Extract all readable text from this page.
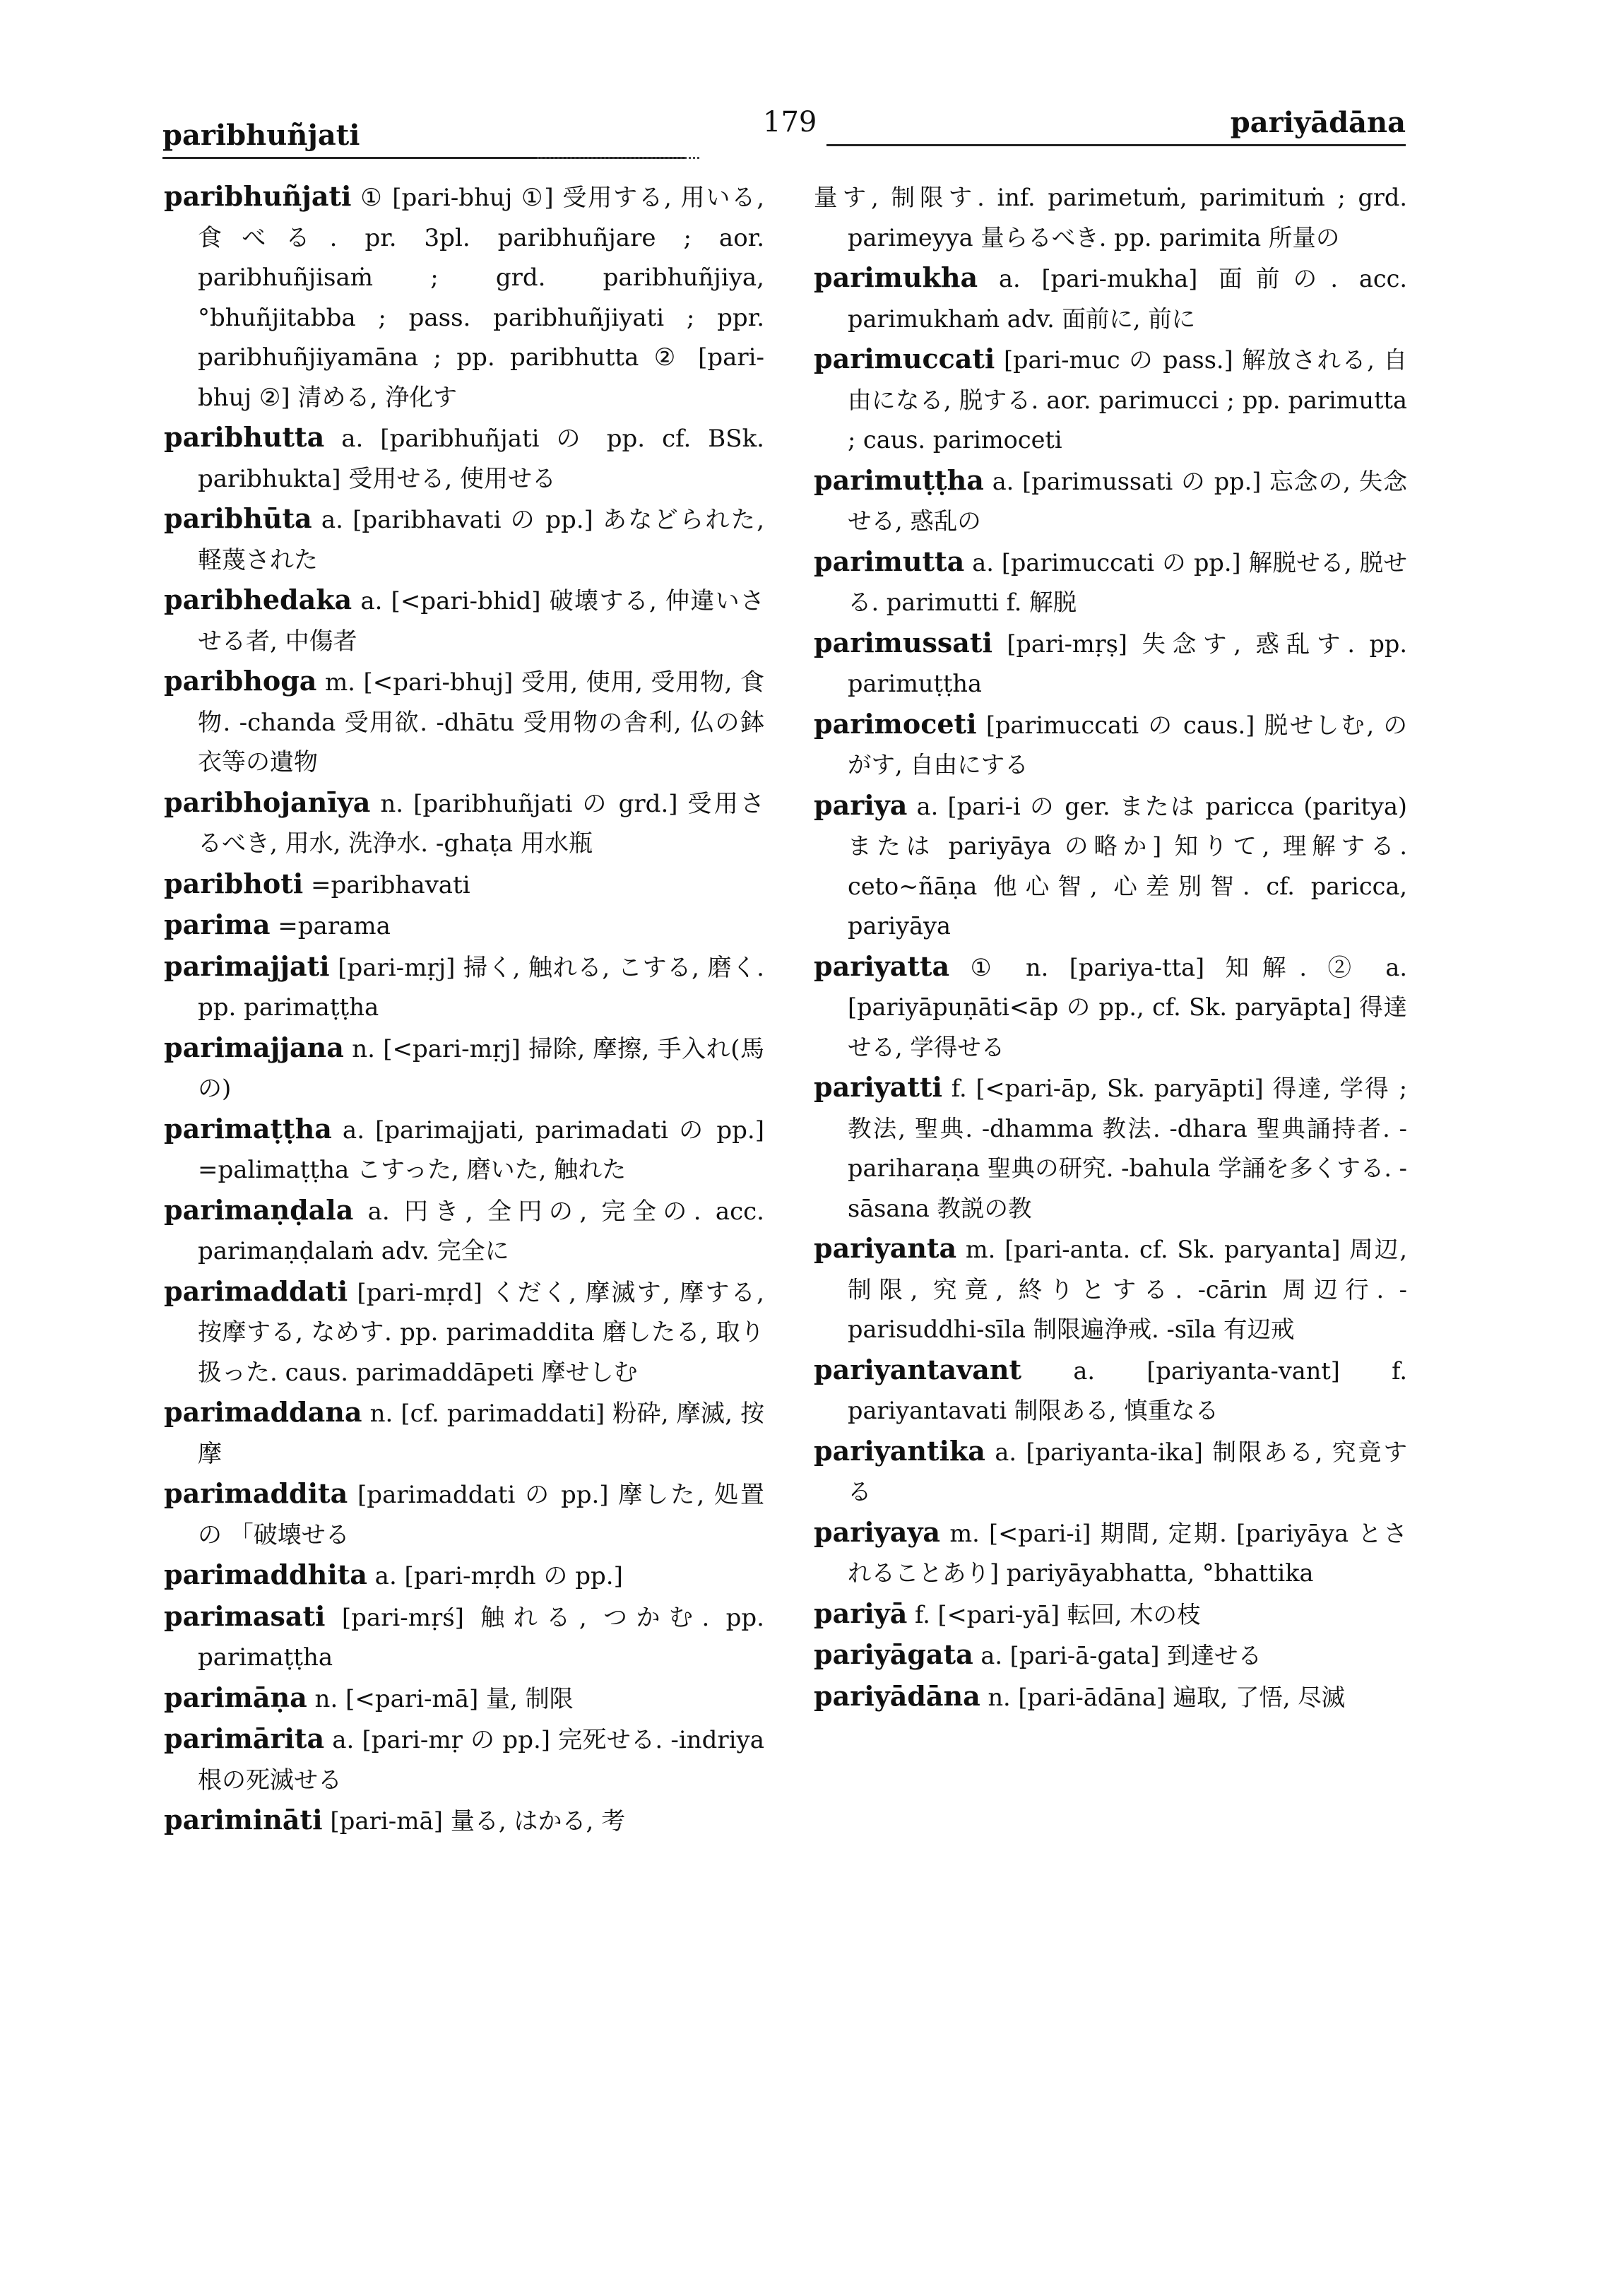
paribhuñjati	179	pariyādāna
paribhuñjati ① [pari-bhuj ①] 受用する, 用いる, 食べる. pr. 3pl. paribhuñjare ; aor. paribhuñjisaṁ ; grd. paribhuñjiya, °bhuñjitabba ; pass. paribhuñjiyati ; ppr. paribhuñjiyamāna ; pp. paribhutta ② [pari-bhuj ②] 清める, 浄化す
paribhutta a. [paribhuñjati の pp. cf. BSk. paribhukta] 受用せる, 使用せる
paribhūta a. [paribhavati の pp.] あなどられた, 軽蔑された
paribhedaka a. [<pari-bhid] 破壊する, 仲違いさせる者, 中傷者
paribhoga m. [<pari-bhuj] 受用, 使用, 受用物, 食物. -chanda 受用欲. -dhātu 受用物の舎利, 仏の鉢衣等の遺物
paribhojanīya n. [paribhuñjati の grd.] 受用さるべき, 用水, 洗浄水. -ghaṭa 用水瓶
paribhoti =paribhavati
parima =parama
parimajjati [pari-mṛj] 掃く, 触れる, こする, 磨く. pp. parimaṭṭha
parimajjana n. [<pari-mṛj] 掃除, 摩擦, 手入れ(馬の)
parimaṭṭha a. [parimajjati, parimadati の pp.] =palimaṭṭha こすった, 磨いた, 触れた
parimaṇḍala a. 円き, 全円の, 完全の. acc. parimaṇḍalaṁ adv. 完全に
parimaddati [pari-mṛd] くだく, 摩滅す, 摩する, 按摩する, なめす. pp. parimaddita 磨したる, 取り扱った. caus. parimaddāpeti 摩せしむ
parimaddana n. [cf. parimaddati] 粉砕, 摩滅, 按摩
parimaddita [parimaddati の pp.] 摩した, 処置の 「破壊せる
parimaddhita a. [pari-mṛdh の pp.]
parimasati [pari-mṛś] 触れる, つかむ. pp. parimaṭṭha
parimāṇa n. [<pari-mā] 量, 制限
parimārita a. [pari-mṛ の pp.] 完死せる. -indriya 根の死滅せる
parimināti [pari-mā] 量る, はかる, 考
量す, 制限す. inf. parimetuṁ, parimituṁ ; grd. parimeyya 量らるべき. pp. parimita 所量の
parimukha a. [pari-mukha] 面前の. acc. parimukhaṁ adv. 面前に, 前に
parimuccati [pari-muc の pass.] 解放される, 自由になる, 脱する. aor. parimucci ; pp. parimutta ; caus. parimoceti
parimuṭṭha a. [parimussati の pp.] 忘念の, 失念せる, 惑乱の
parimutta a. [parimuccati の pp.] 解脱せる, 脱せる. parimutti f. 解脱
parimussati [pari-mṛṣ] 失念す, 惑乱す. pp. parimuṭṭha
parimoceti [parimuccati の caus.] 脱せしむ, のがす, 自由にする
pariya a. [pari-i の ger. または paricca (paritya) または pariyāya の略か] 知りて, 理解する. ceto~ñāṇa 他心智, 心差別智. cf. paricca, pariyāya
pariyatta ① n. [pariya-tta] 知解. ② a. [pariyāpuṇāti<āp の pp., cf. Sk. paryāpta] 得達せる, 学得せる
pariyatti f. [<pari-āp, Sk. paryāpti] 得達, 学得 ; 教法, 聖典. -dhamma 教法. -dhara 聖典誦持者. -pariharaṇa 聖典の研究. -bahula 学誦を多くする. -sāsana 教説の教
pariyanta m. [pari-anta. cf. Sk. paryanta] 周辺, 制限, 究竟, 終りとする. -cārin 周辺行. -parisuddhi-sīla 制限遍浄戒. -sīla 有辺戒
pariyantavant a. [pariyanta-vant] f. pariyantavati 制限ある, 慎重なる
pariyantika a. [pariyanta-ika] 制限ある, 究竟する
pariyaya m. [<pari-i] 期間, 定期. [pariyāya とされることあり] pariyāyabhatta, °bhattika
pariyā f. [<pari-yā] 転回, 木の枝
pariyāgata a. [pari-ā-gata] 到達せる
pariyādāna n. [pari-ādāna] 遍取, 了悟, 尽滅
